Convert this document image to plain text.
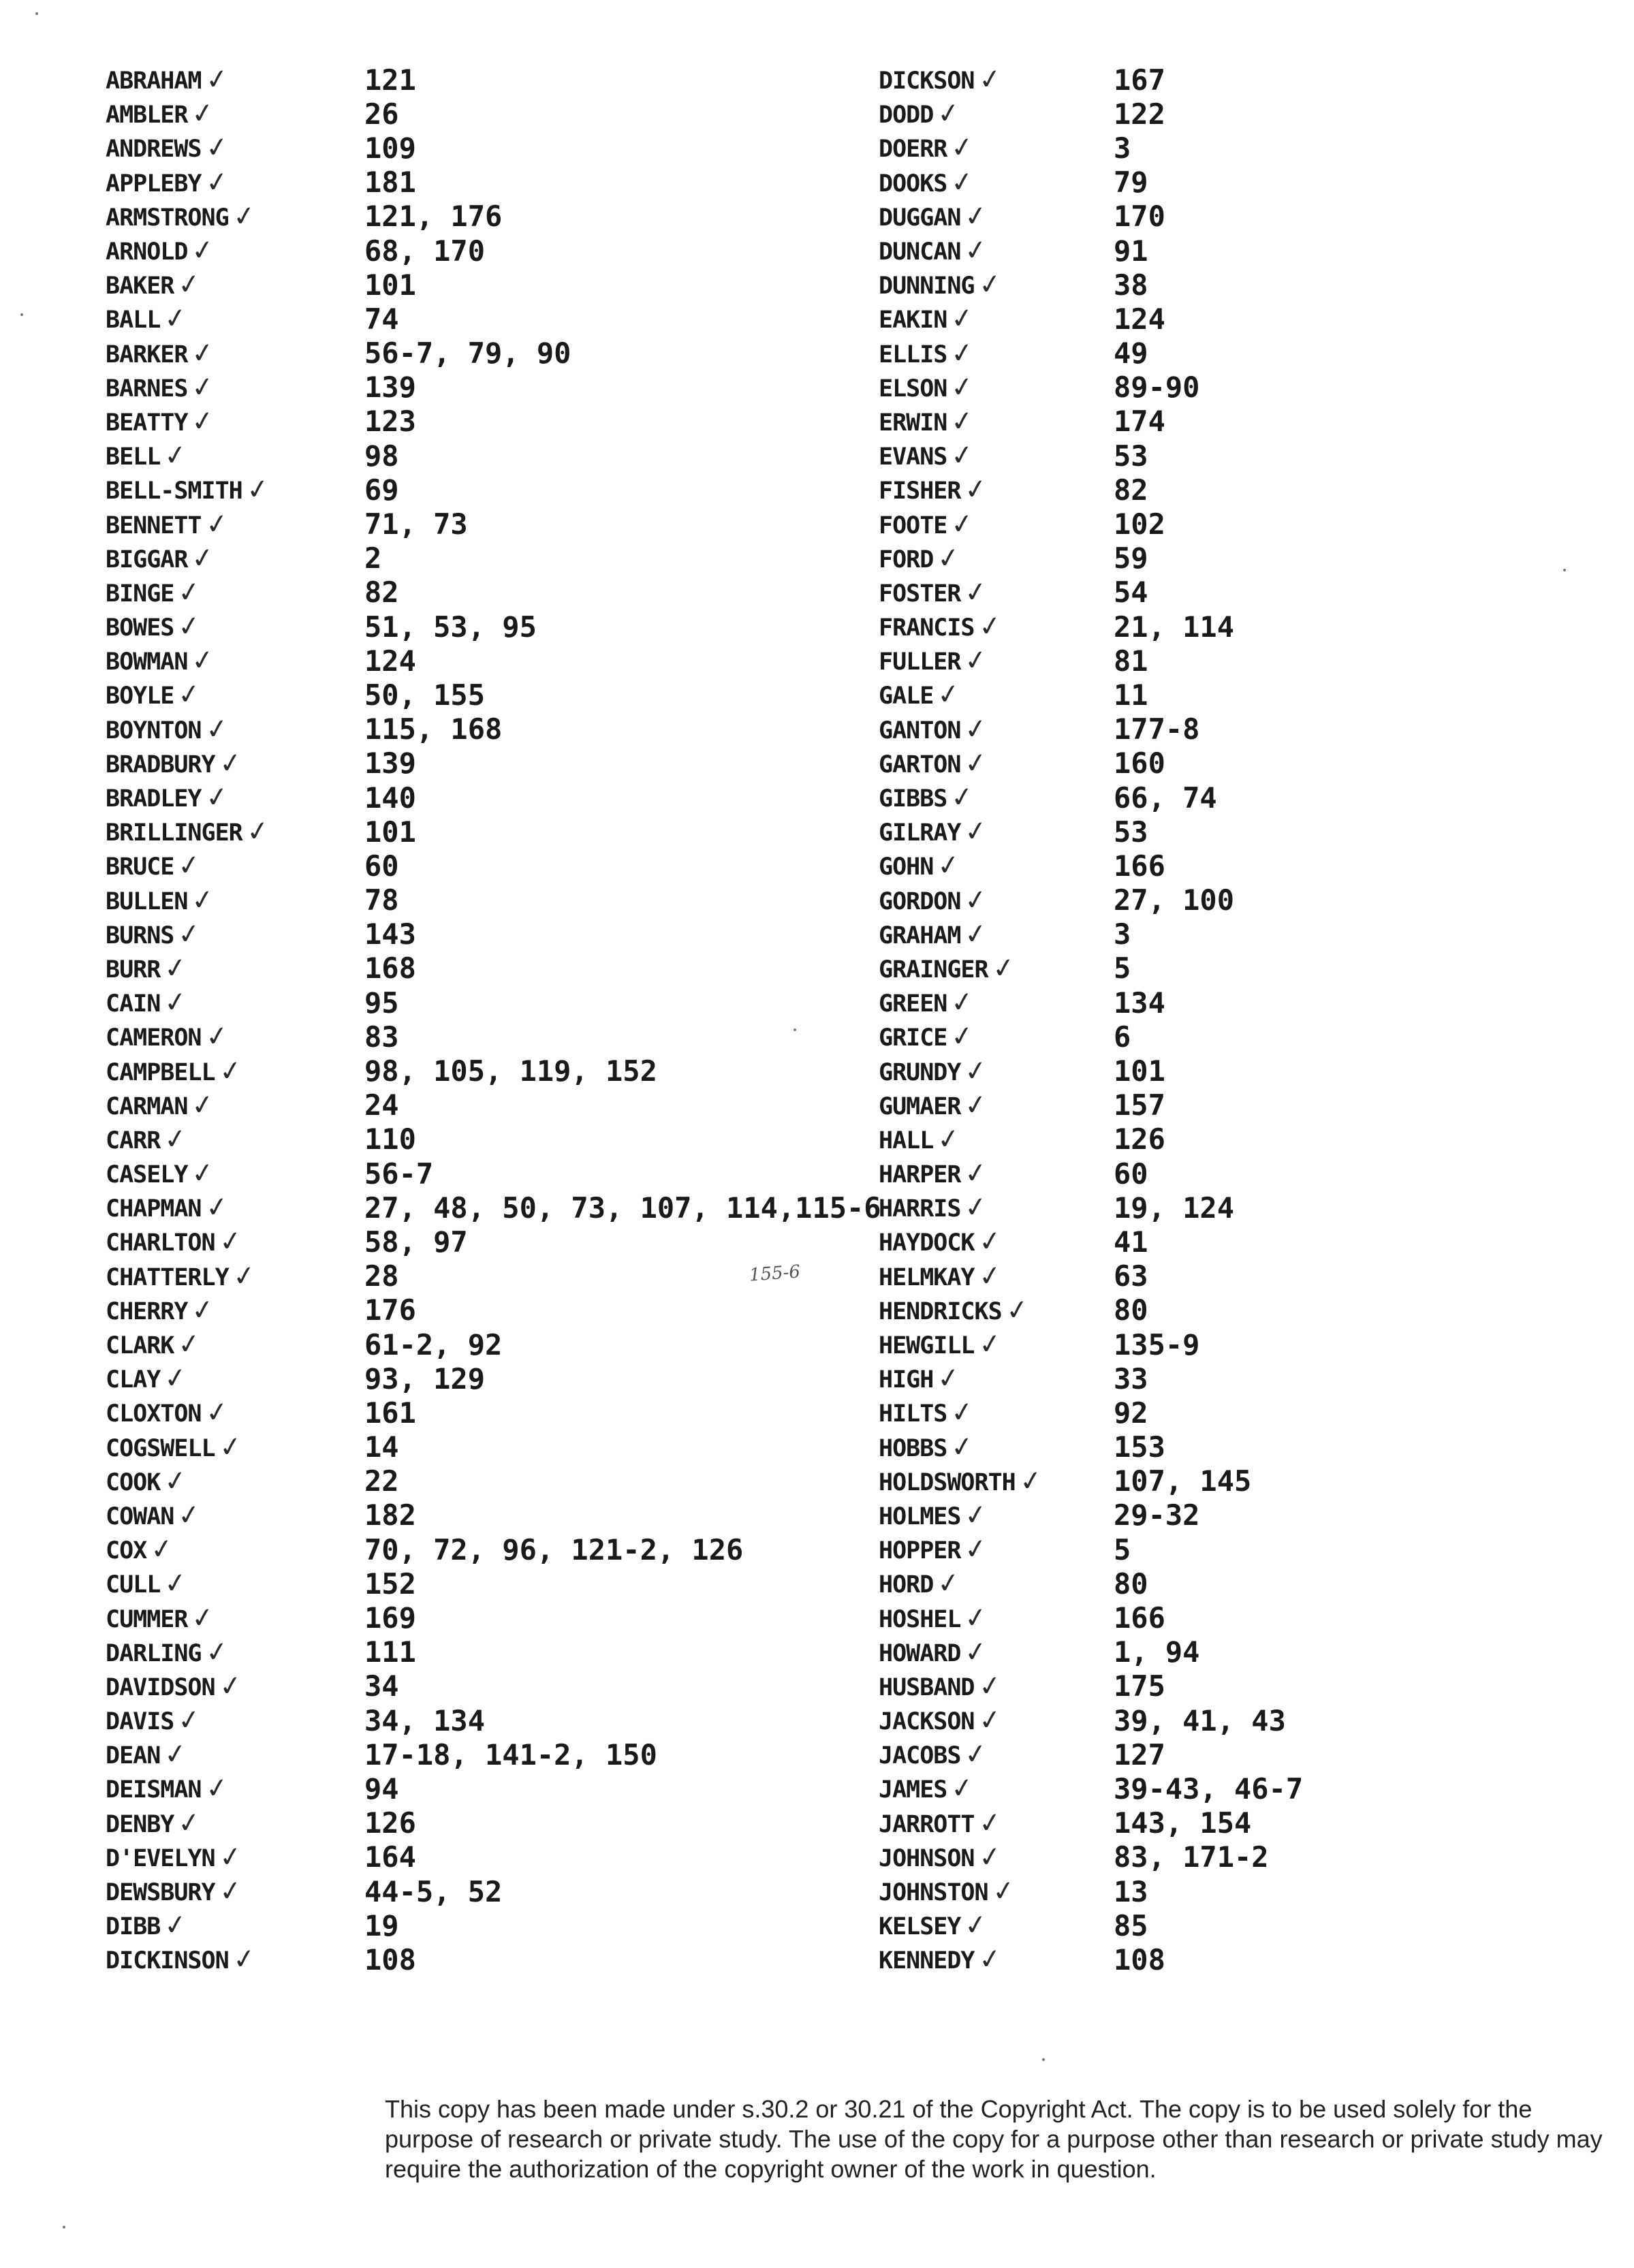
ABRAHAM✓	121
AMBLER✓	26
ANDREWS✓	109
APPLEBY✓	181
ARMSTRONG✓	121, 176
ARNOLD✓	68, 170
BAKER✓	101
BALL✓	74
BARKER✓	56-7, 79, 90
BARNES✓	139
BEATTY✓	123
BELL✓	98
BELL-SMITH✓	69
BENNETT✓	71, 73
BIGGAR✓	2
BINGE✓	82
BOWES✓	51, 53, 95
BOWMAN✓	124
BOYLE✓	50, 155
BOYNTON✓	115, 168
BRADBURY✓	139
BRADLEY✓	140
BRILLINGER✓	101
BRUCE✓	60
BULLEN✓	78
BURNS✓	143
BURR✓	168
CAIN✓	95
CAMERON✓	83
CAMPBELL✓	98, 105, 119, 152
CARMAN✓	24
CARR✓	110
CASELY✓	56-7
CHAPMAN✓	27, 48, 50, 73, 107, 114,115-6
CHARLTON✓	58, 97
CHATTERLY✓	28
CHERRY✓	176
CLARK✓	61-2, 92
CLAY✓	93, 129
CLOXTON✓	161
COGSWELL✓	14
COOK✓	22
COWAN✓	182
COX✓	70, 72, 96, 121-2, 126
CULL✓	152
CUMMER✓	169
DARLING✓	111
DAVIDSON✓	34
DAVIS✓	34, 134
DEAN✓	17-18, 141-2, 150
DEISMAN✓	94
DENBY✓	126
D'EVELYN✓	164
DEWSBURY✓	44-5, 52
DIBB✓	19
DICKINSON✓	108
DICKSON✓	167
DODD✓	122
DOERR✓	3
DOOKS✓	79
DUGGAN✓	170
DUNCAN✓	91
DUNNING✓	38
EAKIN✓	124
ELLIS✓	49
ELSON✓	89-90
ERWIN✓	174
EVANS✓	53
FISHER✓	82
FOOTE✓	102
FORD✓	59
FOSTER✓	54
FRANCIS✓	21, 114
FULLER✓	81
GALE✓	11
GANTON✓	177-8
GARTON✓	160
GIBBS✓	66, 74
GILRAY✓	53
GOHN✓	166
GORDON✓	27, 100
GRAHAM✓	3
GRAINGER✓	5
GREEN✓	134
GRICE✓	6
GRUNDY✓	101
GUMAER✓	157
HALL✓	126
HARPER✓	60
HARRIS✓	19, 124
HAYDOCK✓	41
HELMKAY✓	63
HENDRICKS✓	80
HEWGILL✓	135-9
HIGH✓	33
HILTS✓	92
HOBBS✓	153
HOLDSWORTH✓	107, 145
HOLMES✓	29-32
HOPPER✓	5
HORD✓	80
HOSHEL✓	166
HOWARD✓	1, 94
HUSBAND✓	175
JACKSON✓	39, 41, 43
JACOBS✓	127
JAMES✓	39-43, 46-7
JARROTT✓	143, 154
JOHNSON✓	83, 171-2
JOHNSTON✓	13
KELSEY✓	85
KENNEDY✓	108
155-6
This copy has been made under s.30.2 or 30.21 of the Copyright Act. The copy is to be used solely for the purpose of research or private study. The use of the copy for a purpose other than research or private study may require the authorization of the copyright owner of the work in question.
